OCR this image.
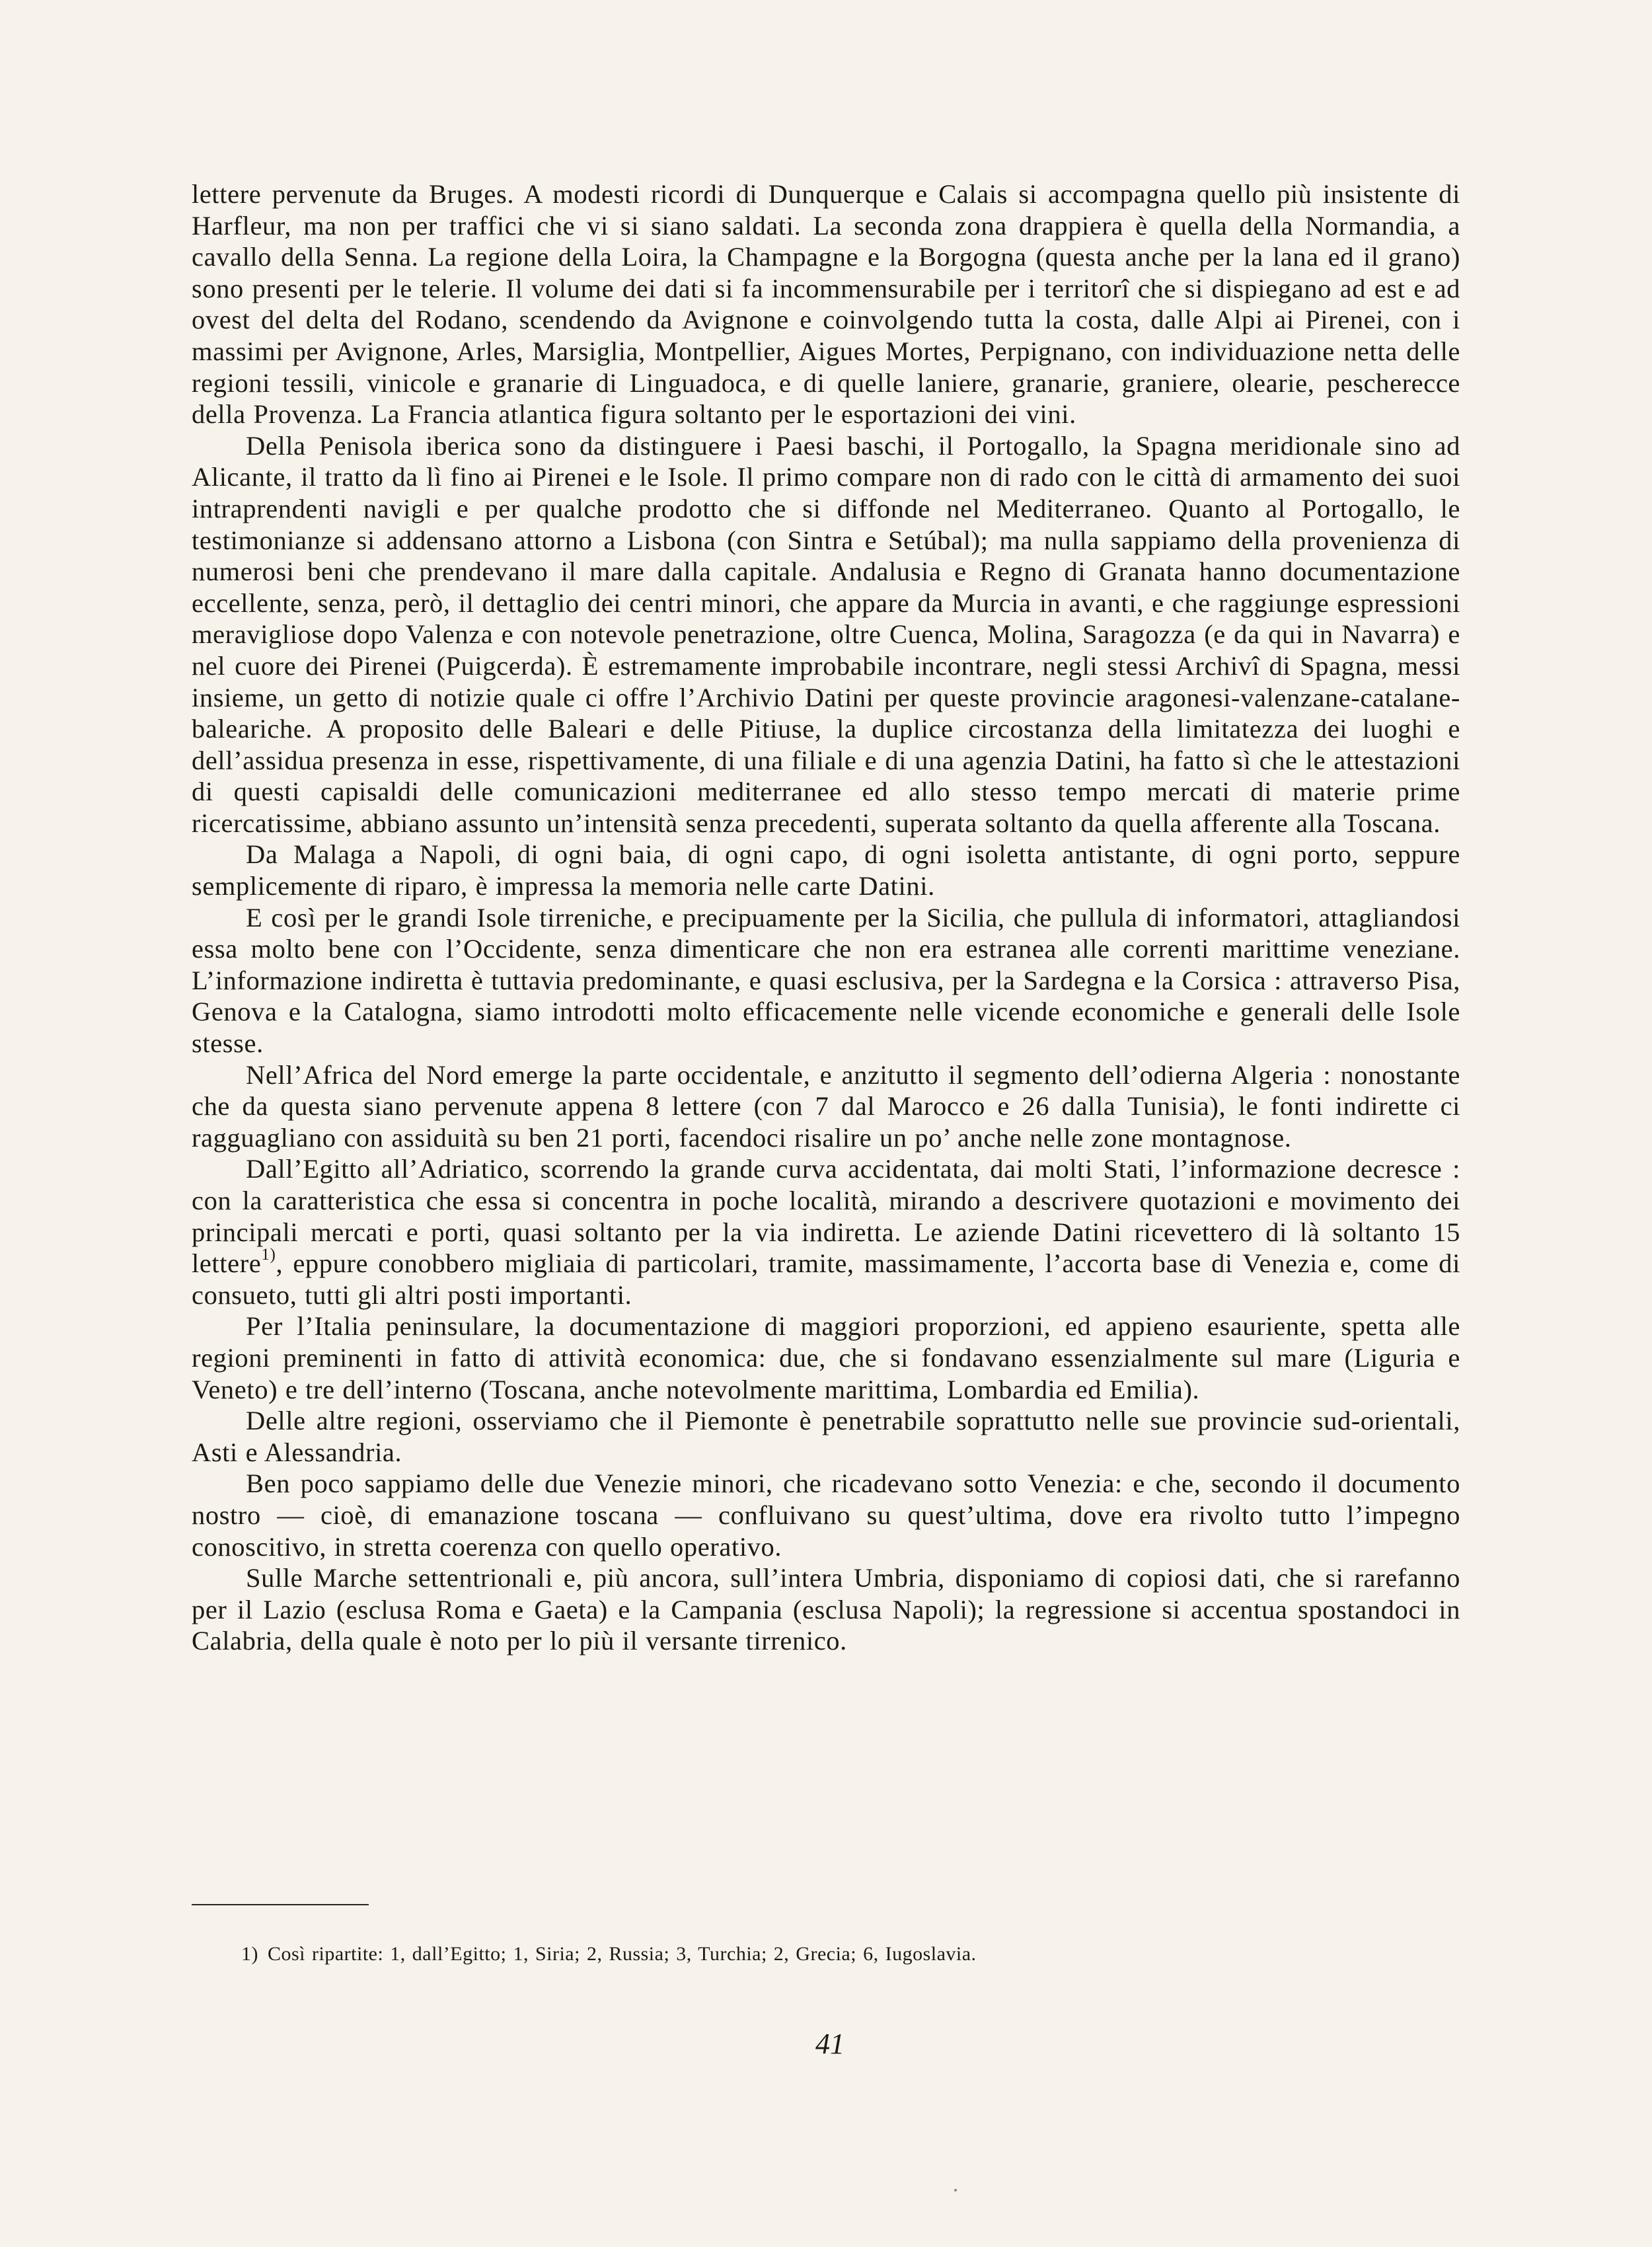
lettere pervenute da Bruges. A modesti ricordi di Dunquerque e Calais si accompagna quello più insistente di Harfleur, ma non per traffici che vi si siano saldati. La seconda zona drappiera è quella della Normandia, a cavallo della Senna. La regione della Loira, la Champagne e la Borgogna (questa anche per la lana ed il grano) sono presenti per le telerie. Il volume dei dati si fa incommensurabile per i territorî che si dispiegano ad est e ad ovest del delta del Rodano, scendendo da Avignone e coinvolgendo tutta la costa, dalle Alpi ai Pirenei, con i massimi per Avignone, Arles, Marsiglia, Montpellier, Aigues Mortes, Perpignano, con individuazione netta delle regioni tessili, vinicole e granarie di Linguadoca, e di quelle laniere, granarie, graniere, olearie, pescherecce della Provenza. La Francia atlantica figura soltanto per le esportazioni dei vini.

Della Penisola iberica sono da distinguere i Paesi baschi, il Portogallo, la Spagna meridionale sino ad Alicante, il tratto da lì fino ai Pirenei e le Isole. Il primo compare non di rado con le città di armamento dei suoi intraprendenti navigli e per qualche prodotto che si diffonde nel Mediterraneo. Quanto al Portogallo, le testimonianze si addensano attorno a Lisbona (con Sintra e Setúbal); ma nulla sappiamo della provenienza di numerosi beni che prendevano il mare dalla capitale. Andalusia e Regno di Granata hanno documentazione eccellente, senza, però, il dettaglio dei centri minori, che appare da Murcia in avanti, e che raggiunge espressioni meravigliose dopo Valenza e con notevole penetrazione, oltre Cuenca, Molina, Saragozza (e da qui in Navarra) e nel cuore dei Pirenei (Puigcerda). È estremamente improbabile incontrare, negli stessi Archivî di Spagna, messi insieme, un getto di notizie quale ci offre l’Archivio Datini per queste provincie aragonesi-valenzane-catalane-baleariche. A proposito delle Baleari e delle Pitiuse, la duplice circostanza della limitatezza dei luoghi e dell’assidua presenza in esse, rispettivamente, di una filiale e di una agenzia Datini, ha fatto sì che le attestazioni di questi capisaldi delle comunicazioni mediterranee ed allo stesso tempo mercati di materie prime ricercatissime, abbiano assunto un’intensità senza precedenti, superata soltanto da quella afferente alla Toscana.

Da Malaga a Napoli, di ogni baia, di ogni capo, di ogni isoletta antistante, di ogni porto, seppure semplicemente di riparo, è impressa la memoria nelle carte Datini.

E così per le grandi Isole tirreniche, e precipuamente per la Sicilia, che pullula di informatori, attagliandosi essa molto bene con l’Occidente, senza dimenticare che non era estranea alle correnti marittime veneziane. L’informazione indiretta è tuttavia predominante, e quasi esclusiva, per la Sardegna e la Corsica : attraverso Pisa, Genova e la Catalogna, siamo introdotti molto efficacemente nelle vicende economiche e generali delle Isole stesse.

Nell’Africa del Nord emerge la parte occidentale, e anzitutto il segmento dell’odierna Algeria : nonostante che da questa siano pervenute appena 8 lettere (con 7 dal Marocco e 26 dalla Tunisia), le fonti indirette ci ragguagliano con assiduità su ben 21 porti, facendoci risalire un po’ anche nelle zone montagnose.

Dall’Egitto all’Adriatico, scorrendo la grande curva accidentata, dai molti Stati, l’informazione decresce : con la caratteristica che essa si concentra in poche località, mirando a descrivere quotazioni e movimento dei principali mercati e porti, quasi soltanto per la via indiretta. Le aziende Datini ricevettero di là soltanto 15 lettere$^{1)}$, eppure conobbero migliaia di particolari, tramite, massimamente, l’accorta base di Venezia e, come di consueto, tutti gli altri posti importanti.

Per l’Italia peninsulare, la documentazione di maggiori proporzioni, ed appieno esauriente, spetta alle regioni preminenti in fatto di attività economica: due, che si fondavano essenzialmente sul mare (Liguria e Veneto) e tre dell’interno (Toscana, anche notevolmente marittima, Lombardia ed Emilia).

Delle altre regioni, osserviamo che il Piemonte è penetrabile soprattutto nelle sue provincie sud-orientali, Asti e Alessandria.

Ben poco sappiamo delle due Venezie minori, che ricadevano sotto Venezia: e che, secondo il documento nostro — cioè, di emanazione toscana — confluivano su quest’ultima, dove era rivolto tutto l’impegno conoscitivo, in stretta coerenza con quello operativo.

Sulle Marche settentrionali e, più ancora, sull’intera Umbria, disponiamo di copiosi dati, che si rarefanno per il Lazio (esclusa Roma e Gaeta) e la Campania (esclusa Napoli); la regressione si accentua spostandoci in Calabria, della quale è noto per lo più il versante tirrenico.

1) Così ripartite: 1, dall’Egitto; 1, Siria; 2, Russia; 3, Turchia; 2, Grecia; 6, Iugoslavia.
41
